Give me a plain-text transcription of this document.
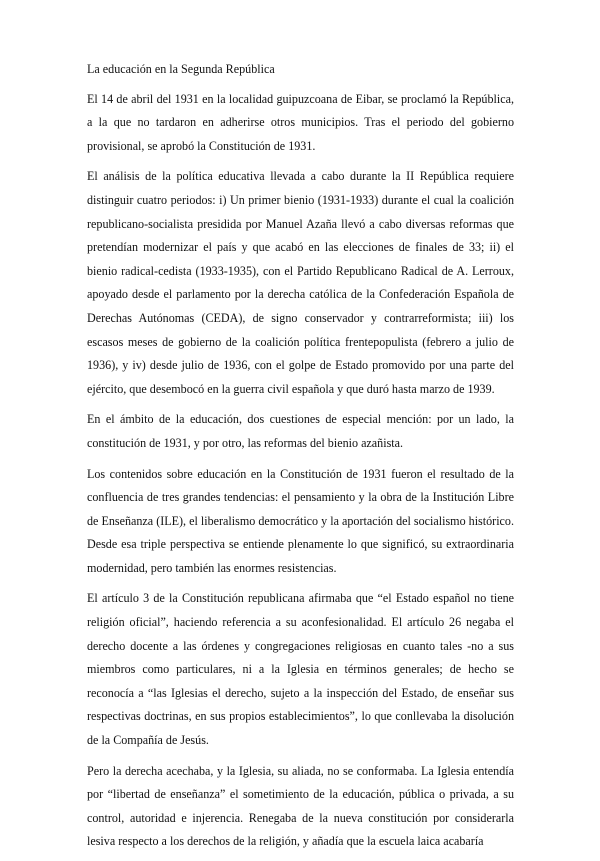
La educación en la Segunda República

El 14 de abril del 1931 en la localidad guipuzcoana de Eibar, se proclamó la República, a la que no tardaron en adherirse otros municipios. Tras el periodo del gobierno provisional, se aprobó la Constitución de 1931.

El análisis de la política educativa llevada a cabo durante la II República requiere distinguir cuatro periodos: i) Un primer bienio (1931-1933) durante el cual la coalición republicano-socialista presidida por Manuel Azaña llevó a cabo diversas reformas que pretendían modernizar el país y que acabó en las elecciones de finales de 33; ii) el bienio radical-cedista (1933-1935), con el Partido Republicano Radical de A. Lerroux, apoyado desde el parlamento por la derecha católica de la Confederación Española de Derechas Autónomas (CEDA), de signo conservador y contrarreformista; iii) los escasos meses de gobierno de la coalición política frentepopulista (febrero a julio de 1936), y iv) desde julio de 1936, con el golpe de Estado promovido por una parte del ejército, que desembocó en la guerra civil española y que duró hasta marzo de 1939.

En el ámbito de la educación, dos cuestiones de especial mención: por un lado, la constitución de 1931, y por otro, las reformas del bienio azañista.

Los contenidos sobre educación en la Constitución de 1931 fueron el resultado de la confluencia de tres grandes tendencias: el pensamiento y la obra de la Institución Libre de Enseñanza (ILE), el liberalismo democrático y la aportación del socialismo histórico. Desde esa triple perspectiva se entiende plenamente lo que significó, su extraordinaria modernidad, pero también las enormes resistencias.

El artículo 3 de la Constitución republicana afirmaba que “el Estado español no tiene religión oficial”, haciendo referencia a su aconfesionalidad. El artículo 26 negaba el derecho docente a las órdenes y congregaciones religiosas en cuanto tales -no a sus miembros como particulares, ni a la Iglesia en términos generales; de hecho se reconocía a “las Iglesias el derecho, sujeto a la inspección del Estado, de enseñar sus respectivas doctrinas, en sus propios establecimientos”, lo que conllevaba la disolución de la Compañía de Jesús.

Pero la derecha acechaba, y la Iglesia, su aliada, no se conformaba. La Iglesia entendía por “libertad de enseñanza” el sometimiento de la educación, pública o privada, a su control, autoridad e injerencia. Renegaba de la nueva constitución por considerarla lesiva respecto a los derechos de la religión, y añadía que la escuela laica acabaría
